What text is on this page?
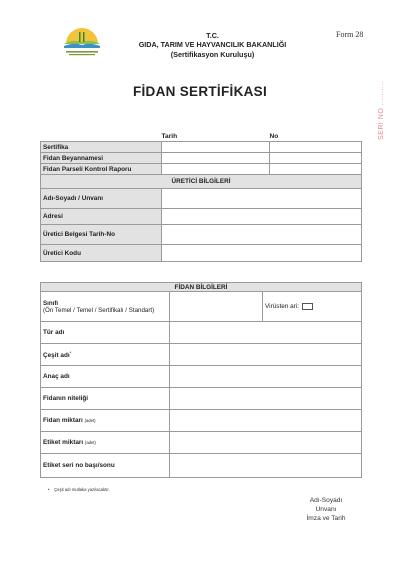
T.C.
GIDA, TARIM VE HAYVANCILIK BAKANLIĞI
(Sertifikasyon Kuruluşu)
Form 28
FİDAN SERTİFİKASI	SERİ NO ..........
	Tarih	No
Sertifika		
Fidan Beyannamesi		
Fidan Parseli Kontrol Raporu		
ÜRETİCİ BİLGİLERİ		
Adı-Soyadı / Unvanı		
Adresi		
Üretici Belgesi Tarih-No		
Üretici Kodu		
FİDAN BİLGİLERİ		

Sınıfı
(Ön Temel / Temel / Sertifikalı / Standart)		Virüsten ari:
Tür adı		
Çeşit adı*	
Anaç adı		
Fidanın niteliği		
Fidan miktarı (adet)		
Etiket miktarı (adet)		
Etiket seri no başı/sonu		
•    Çeşit adı mutlaka yazılacaktır.
Adı-Soyadı
Unvanı
İmza ve Tarih
